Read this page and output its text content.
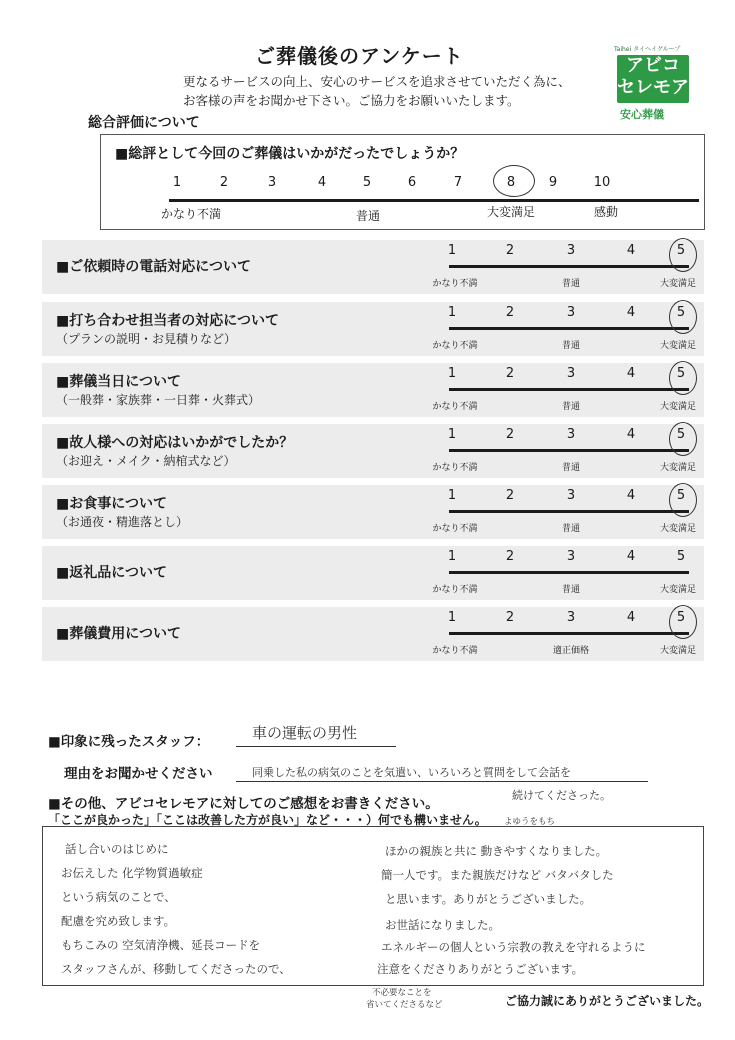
ご葬儀後のアンケート
更なるサービスの向上、安心のサービスを追求させていただく為に、
お客様の声をお聞かせ下さい。ご協力をお願いいたします。
Taihei タイヘイグループ
アビコ
セレモア
安心葬儀
総合評価について
■総評として今回のご葬儀はいかがだったでしょうか？
1	2	3	4	5	6	7	8	9	10
かなり不満	普通	大変満足	感動
■ご依頼時の電話対応について
1	2	3	4	5
かなり不満	普通	大変満足
■打ち合わせ担当者の対応について
（プランの説明・お見積りなど）
1	2	3	4	5
かなり不満	普通	大変満足
■葬儀当日について
（一般葬・家族葬・一日葬・火葬式）
1	2	3	4	5
かなり不満	普通	大変満足
■故人様への対応はいかがでしたか？
（お迎え・メイク・納棺式など）
1	2	3	4	5
かなり不満	普通	大変満足
■お食事について
（お通夜・精進落とし）
1	2	3	4	5
かなり不満	普通	大変満足
■返礼品について
1	2	3	4	5
かなり不満	普通	大変満足
■葬儀費用について
1	2	3	4	5
かなり不満	適正価格	大変満足
■印象に残ったスタッフ：	車の運転の男性
理由をお聞かせください	同乗した私の病気のことを気遣い、いろいろと質問をして会話を
続けてくださった。
■その他、アビコセレモアに対してのご感想をお書きください。
「ここが良かった」「ここは改善した方が良い」など・・・）何でも構いません。 よゆうをもち
話し合いのはじめに
お伝えした 化学物質過敏症
という病気のことで、
配慮を究め致します。
もちこみの 空気清浄機、延長コードを
スタッフさんが、移動してくださったので、
ほかの親族と共に 動きやすくなりました。
簡一人です。また親族だけなど バタバタした
と思います。ありがとうございました。
お世話になりました。
エネルギーの個人という宗教の教えを守れるように
注意をくださりありがとうございます。
不必要なことを
省いてくださるなど	ご協力誠にありがとうございました。
